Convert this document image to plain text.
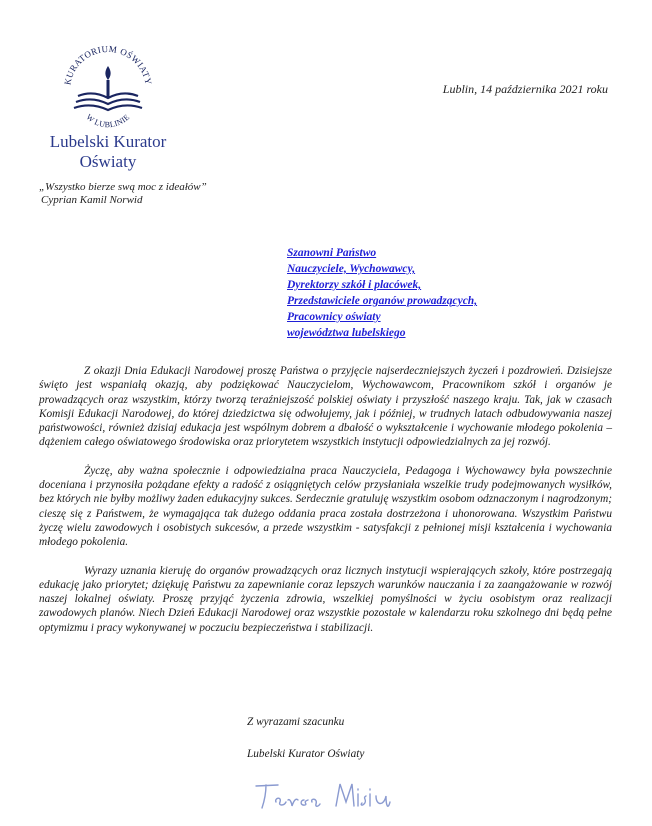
KURATORIUM OŚWIATY
W LUBLINIE
Lubelski Kurator
Oświaty
„Wszystko bierze swą moc z ideałów”
Cyprian Kamil Norwid
Lublin, 14 października 2021 roku
Szanowni Państwo
Nauczyciele, Wychowawcy,
Dyrektorzy szkół i placówek,
Przedstawiciele organów prowadzących,
Pracownicy oświaty
województwa lubelskiego

Z okazji Dnia Edukacji Narodowej proszę Państwa o przyjęcie najserdeczniejszych życzeń i pozdrowień. Dzisiejsze święto jest wspaniałą okazją, aby podziękować Nauczycielom, Wychowawcom, Pracownikom szkół i organów je prowadzących oraz wszystkim, którzy tworzą teraźniejszość polskiej oświaty i przyszłość naszego kraju. Tak, jak w czasach Komisji Edukacji Narodowej, do której dziedzictwa się odwołujemy, jak i później, w trudnych latach odbudowywania naszej państwowości, również dzisiaj edukacja jest wspólnym dobrem a dbałość o wykształcenie i wychowanie młodego pokolenia – dążeniem całego oświatowego środowiska oraz priorytetem wszystkich instytucji odpowiedzialnych za jej rozwój.

Życzę, aby ważna społecznie i odpowiedzialna praca Nauczyciela, Pedagoga i Wychowawcy była powszechnie doceniana i przynosiła pożądane efekty a radość z osiągniętych celów przysłaniała wszelkie trudy podejmowanych wysiłków, bez których nie byłby możliwy żaden edukacyjny sukces. Serdecznie gratuluję wszystkim osobom odznaczonym i nagrodzonym; cieszę się z Państwem, że wymagająca tak dużego oddania praca została dostrzeżona i uhonorowana. Wszystkim Państwu życzę wielu zawodowych i osobistych sukcesów, a przede wszystkim - satysfakcji z pełnionej misji kształcenia i wychowania młodego pokolenia.

Wyrazy uznania kieruję do organów prowadzących oraz licznych instytucji wspierających szkoły, które postrzegają edukację jako priorytet; dziękuję Państwu za zapewnianie coraz lepszych warunków nauczania i za zaangażowanie w rozwój naszej lokalnej oświaty. Proszę przyjąć życzenia zdrowia, wszelkiej pomyślności w życiu osobistym oraz realizacji zawodowych planów. Niech Dzień Edukacji Narodowej oraz wszystkie pozostałe w kalendarzu roku szkolnego dni będą pełne optymizmu i pracy wykonywanej w poczuciu bezpieczeństwa i stabilizacji.

Z wyrazami szacunku
Lubelski Kurator Oświaty
